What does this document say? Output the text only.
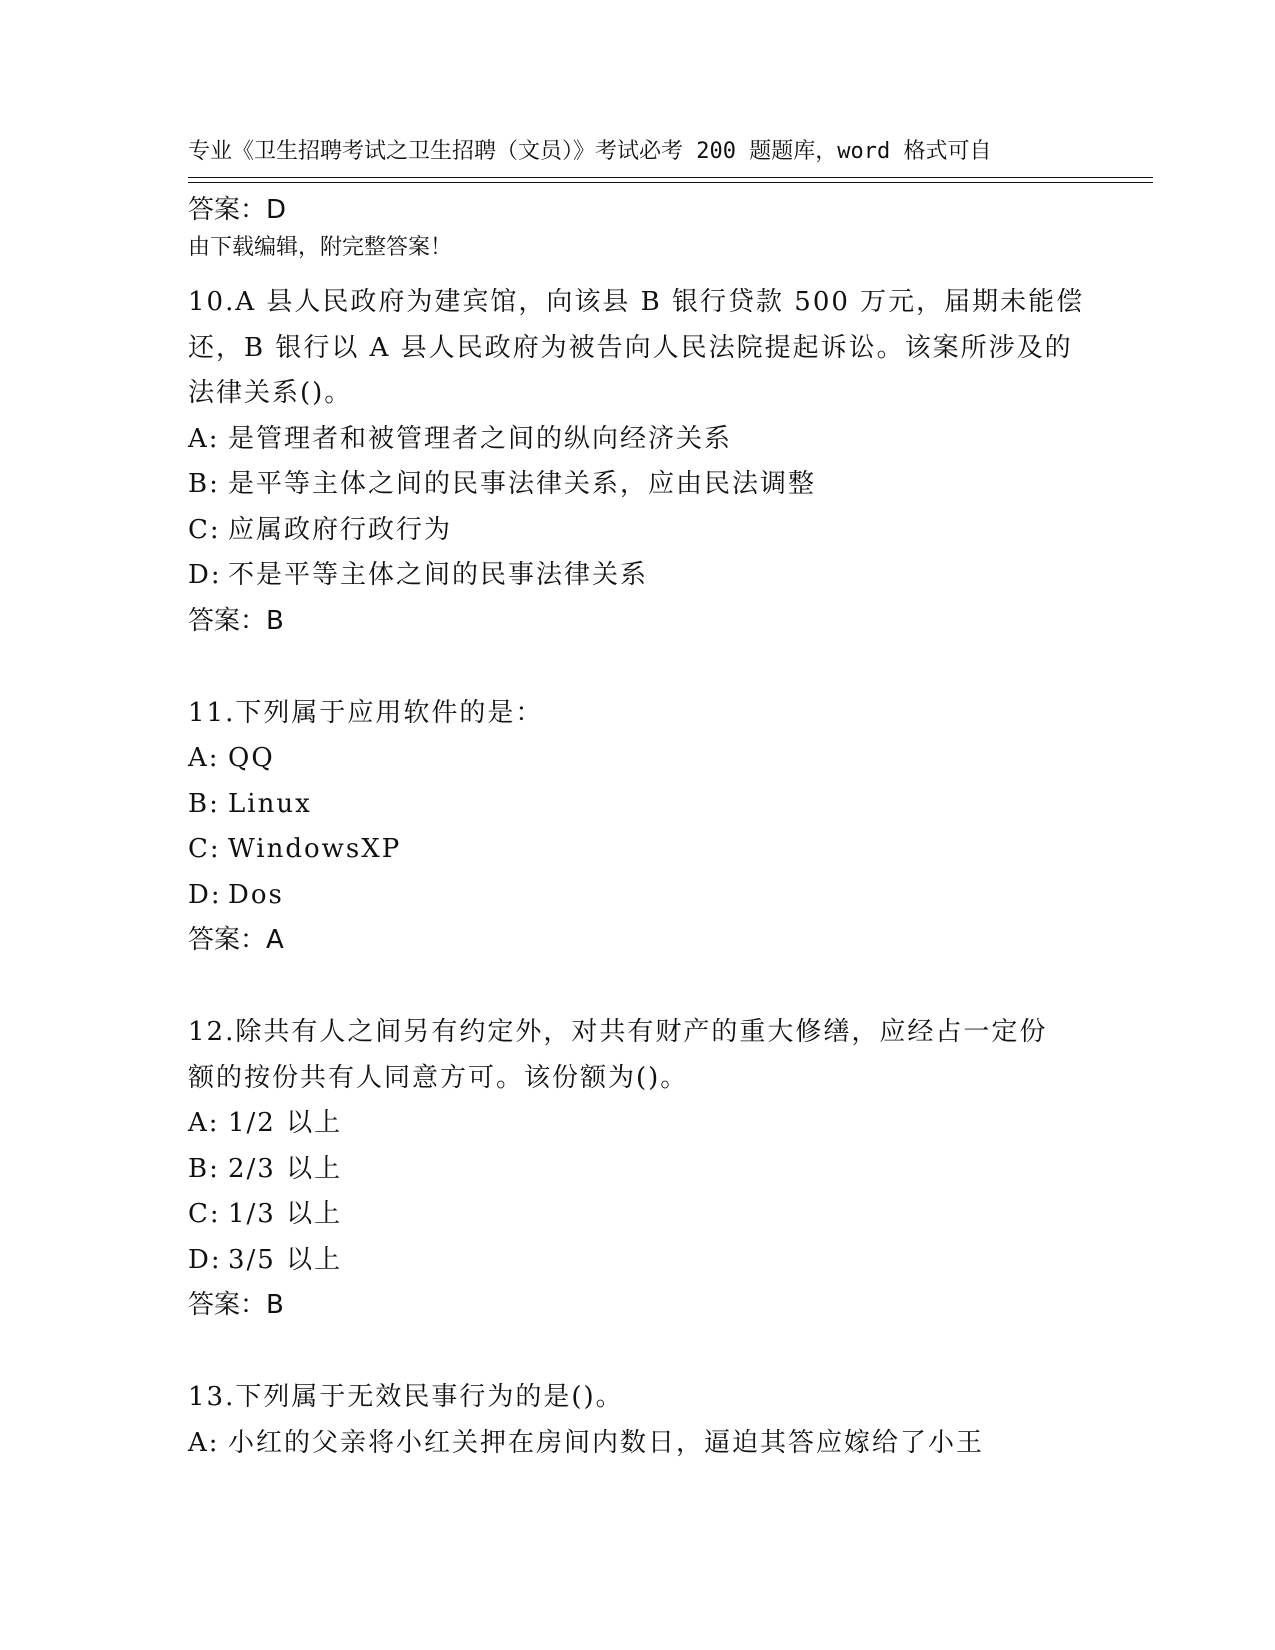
专业《卫生招聘考试之卫生招聘（文员）》考试必考 200 题题库，word 格式可自

由下载编辑，附完整答案！

答案：D
10.A 县人民政府为建宾馆，向该县 B 银行贷款 500 万元，届期未能偿
还，B 银行以 A 县人民政府为被告向人民法院提起诉讼。该案所涉及的
法律关系()。
A: 是管理者和被管理者之间的纵向经济关系
B: 是平等主体之间的民事法律关系，应由民法调整
C: 应属政府行政行为
D: 不是平等主体之间的民事法律关系
答案：B
11.下列属于应用软件的是：
A: QQ
B: Linux
C: WindowsXP
D: Dos
答案：A
12.除共有人之间另有约定外，对共有财产的重大修缮，应经占一定份
额的按份共有人同意方可。该份额为()。
A: 1/2 以上
B: 2/3 以上
C: 1/3 以上
D: 3/5 以上
答案：B
13.下列属于无效民事行为的是()。
A: 小红的父亲将小红关押在房间内数日，逼迫其答应嫁给了小王
